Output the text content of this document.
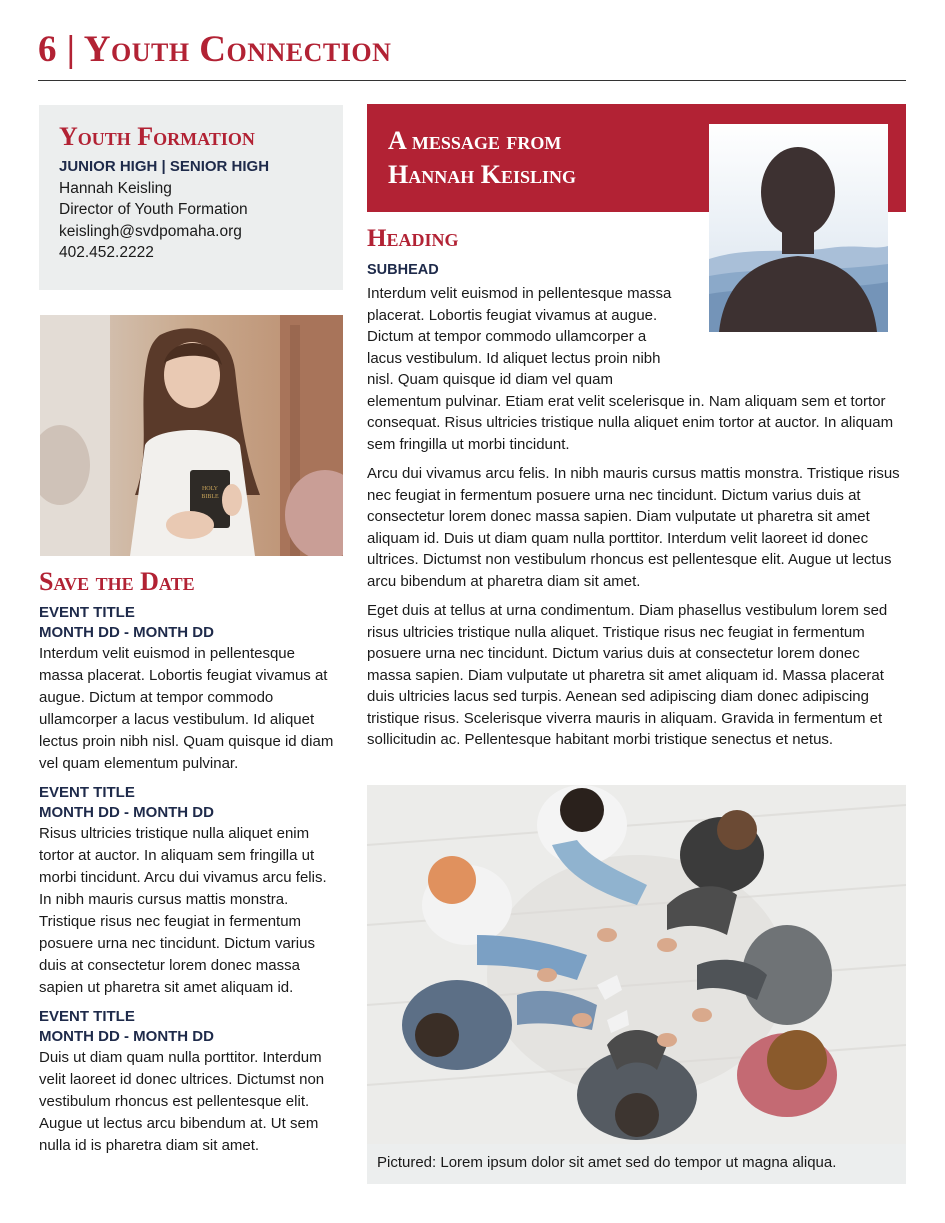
6 | Youth Connection
Youth Formation
JUNIOR HIGH | SENIOR HIGH
Hannah Keisling
Director of Youth Formation
keislingh@svdpomaha.org
402.452.2222
HOLY
BIBLE
Save the Date
EVENT TITLE
MONTH DD - MONTH DD
Interdum velit euismod in pellentesque massa placerat. Lobortis feugiat vivamus at augue. Dictum at tempor commodo ullamcorper a lacus vestibulum. Id aliquet lectus proin nibh nisl. Quam quisque id diam vel quam elementum pulvinar.
EVENT TITLE
MONTH DD - MONTH DD
Risus ultricies tristique nulla aliquet enim tortor at auctor. In aliquam sem fringilla ut morbi tincidunt. Arcu dui vivamus arcu felis. In nibh mauris cursus mattis monstra. Tristique risus nec feugiat in fermentum posuere urna nec tincidunt. Dictum varius duis at consectetur lorem donec massa sapien ut pharetra sit amet aliquam id.
EVENT TITLE
MONTH DD - MONTH DD
Duis ut diam quam nulla porttitor. Interdum velit laoreet id donec ultrices. Dictumst non vestibulum rhoncus est pellentesque elit. Augue ut lectus arcu bibendum at. Ut sem nulla id is pharetra diam sit amet.
A message from
Hannah Keisling
Heading
SUBHEAD

Interdum velit euismod in pellentesque massa placerat. Lobortis feugiat vivamus at augue. Dictum at tempor commodo ullamcorper a lacus vestibulum. Id aliquet lectus proin nibh nisl. Quam quisque id diam vel quam elementum pulvinar. Etiam erat velit scelerisque in. Nam aliquam sem et tortor consequat. Risus ultricies tristique nulla aliquet enim tortor at auctor. In aliquam sem fringilla ut morbi tincidunt.

Arcu dui vivamus arcu felis. In nibh mauris cursus mattis monstra. Tristique risus nec feugiat in fermentum posuere urna nec tincidunt. Dictum varius duis at consectetur lorem donec massa sapien. Diam vulputate ut pharetra sit amet aliquam id. Duis ut diam quam nulla porttitor. Interdum velit laoreet id donec ultrices. Dictumst non vestibulum rhoncus est pellentesque elit. Augue ut lectus arcu bibendum at pharetra diam sit amet.

Eget duis at tellus at urna condimentum. Diam phasellus vestibulum lorem sed risus ultricies tristique nulla aliquet. Tristique risus nec feugiat in fermentum posuere urna nec tincidunt. Dictum varius duis at consectetur lorem donec massa sapien. Diam vulputate ut pharetra sit amet aliquam id. Massa placerat duis ultricies lacus sed turpis. Aenean sed adipiscing diam donec adipiscing tristique risus. Scelerisque viverra mauris in aliquam. Gravida in fermentum et sollicitudin ac. Pellentesque habitant morbi tristique senectus et netus.

Pictured: Lorem ipsum dolor sit amet sed do tempor ut magna aliqua.
